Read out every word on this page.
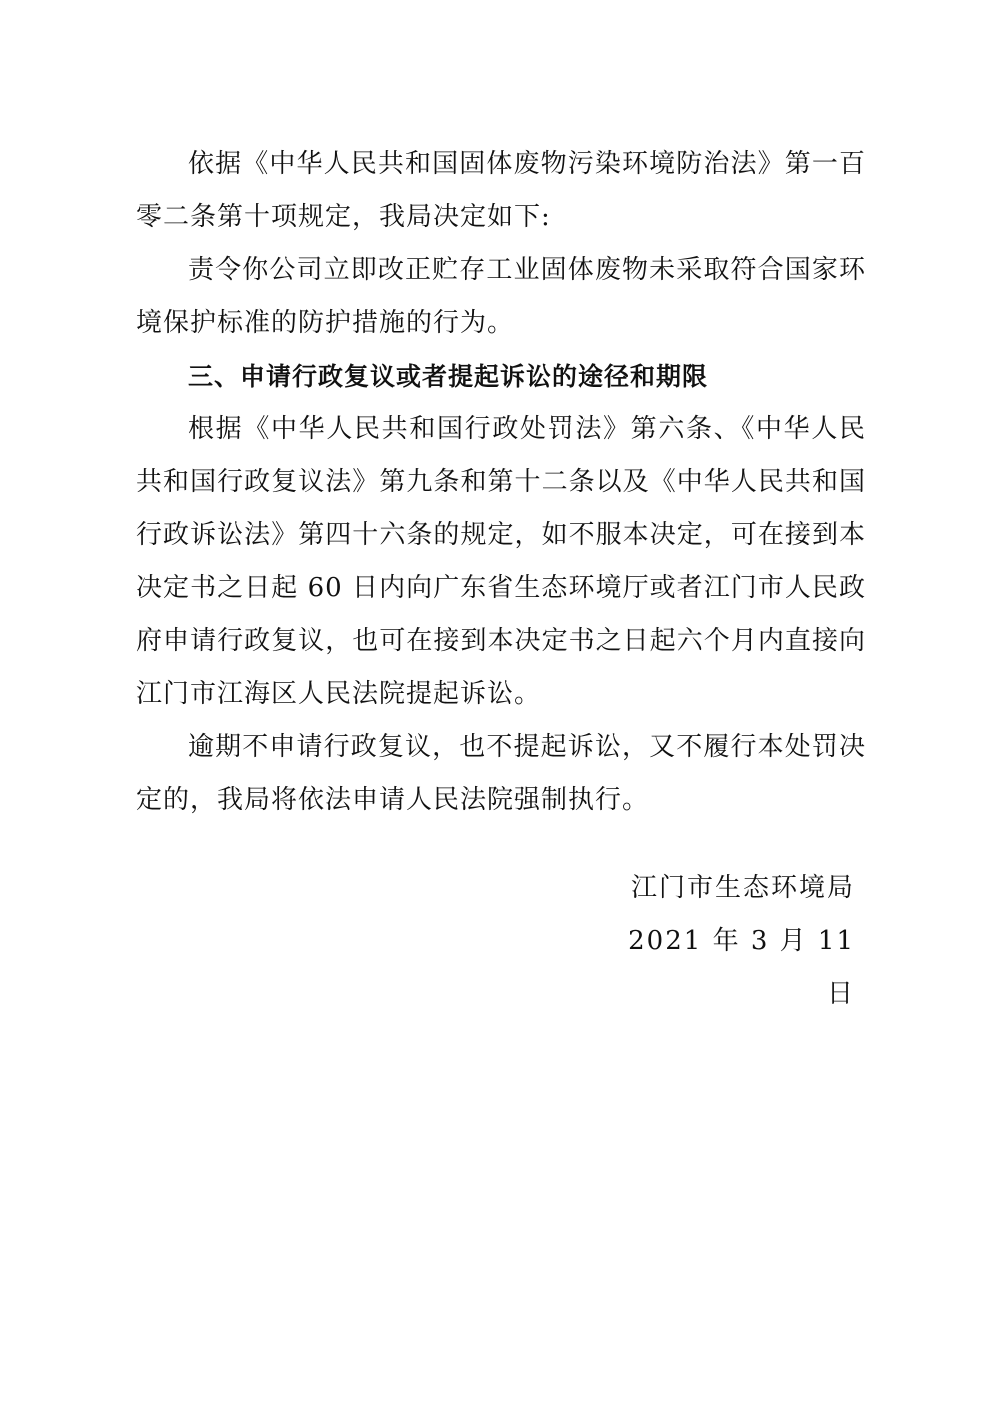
依据《中华人民共和国固体废物污染环境防治法》第一百零二条第十项规定，我局决定如下:

责令你公司立即改正贮存工业固体废物未采取符合国家环境保护标准的防护措施的行为。

三、申请行政复议或者提起诉讼的途径和期限

根据《中华人民共和国行政处罚法》第六条、《中华人民共和国行政复议法》第九条和第十二条以及《中华人民共和国行政诉讼法》第四十六条的规定，如不服本决定，可在接到本决定书之日起 60 日内向广东省生态环境厅或者江门市人民政府申请行政复议，也可在接到本决定书之日起六个月内直接向江门市江海区人民法院提起诉讼。

逾期不申请行政复议，也不提起诉讼，又不履行本处罚决定的，我局将依法申请人民法院强制执行。

江门市生态环境局
2021 年 3 月 11 日
